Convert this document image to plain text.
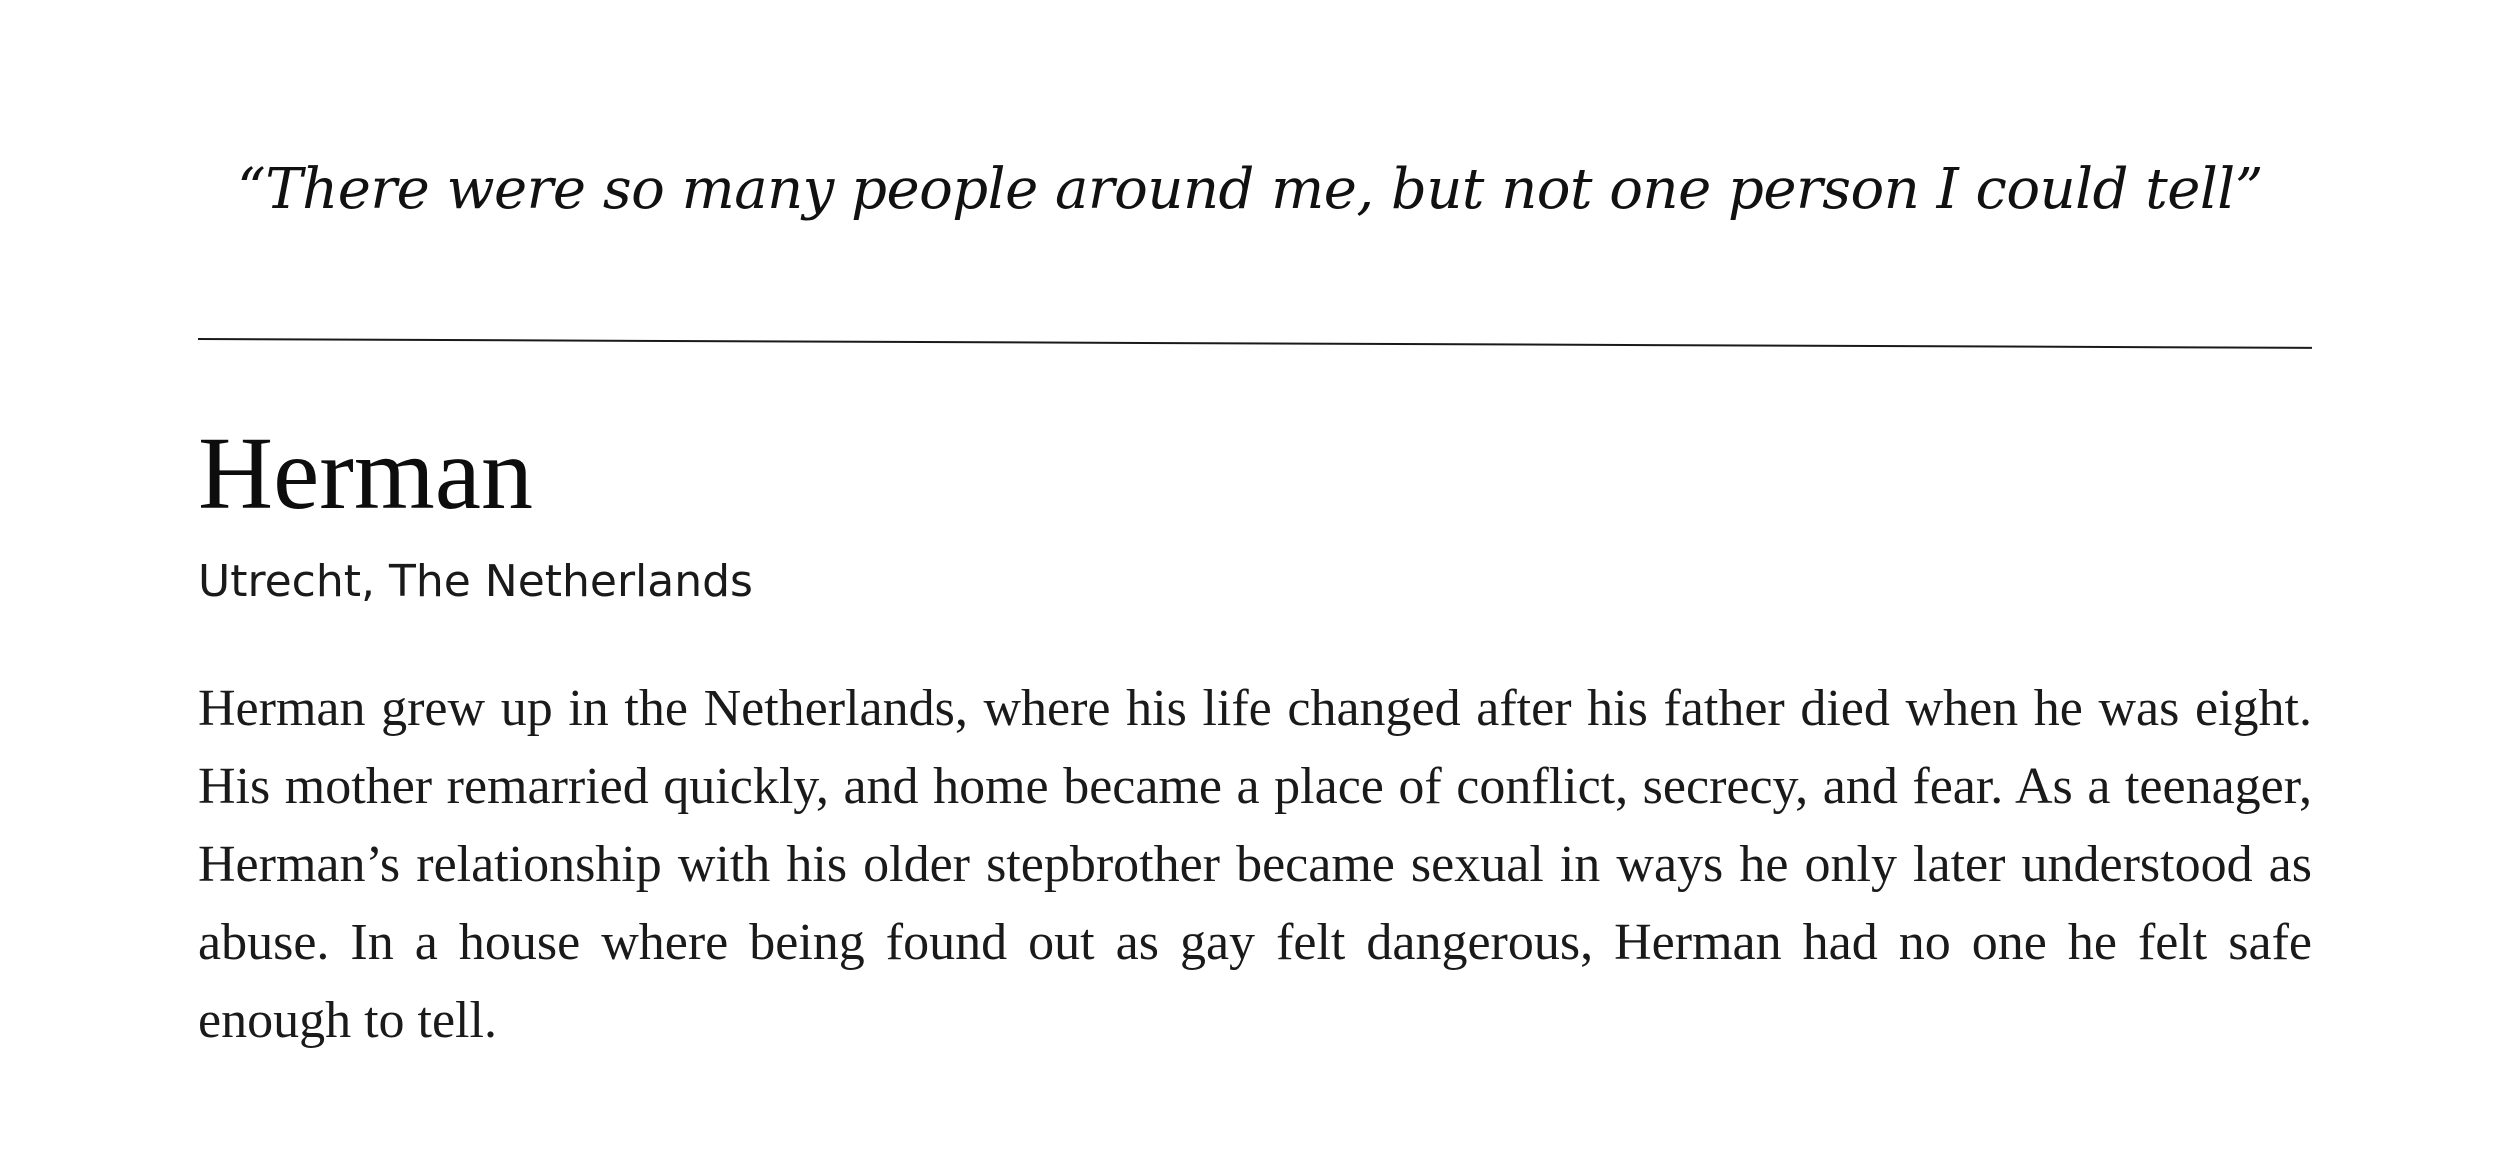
“There were so many people around me, but not one person I could tell”

Herman

Utrecht, The Netherlands

Herman grew up in the Netherlands, where his life changed after his father died when he was eight. His mother remarried quickly, and home became a place of conflict, secrecy, and fear. As a teenager, Herman’s relationship with his older stepbrother became sexual in ways he only later understood as abuse. In a house where being found out as gay felt dangerous, Herman had no one he felt safe enough to tell.
